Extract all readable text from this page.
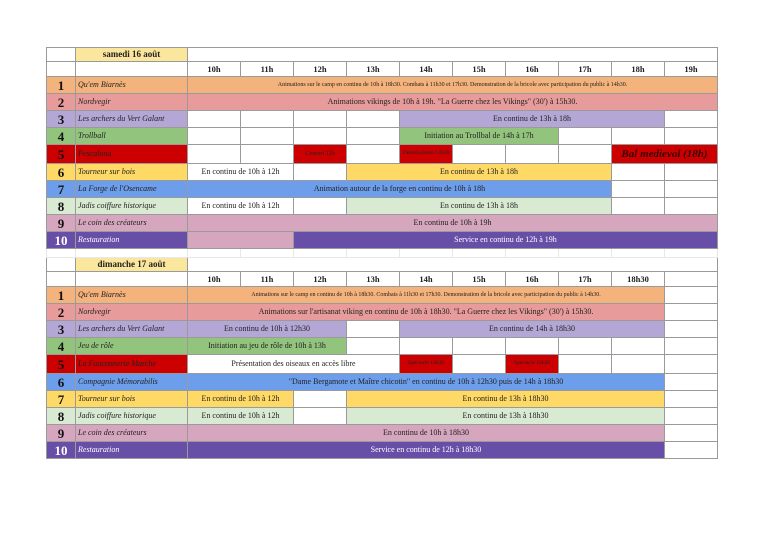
	samedi 16 août										
		10h	11h	12h	13h	14h	15h	16h	17h	18h	19h
1	Qu'em Biarnès	Animations sur le camp en continu de 10h à 18h30. Combats à 11h30 et 17h30. Demonstration de la bricole avec participation du public à 14h30.									
2	Nordvegir	Animations vikings de 10h à 19h. "La Guerre chez les Vikings" (30') à 15h30.									
3	Les archers du Vert Galant					En continu de 13h à 18h					
4	Trollball					Initiation au Trollbal de 14h à 17h					
5	Pescalona			Concert 12h		Déambulation 14h30				Bal medieval (18h)	
6	Tourneur sur bois	En continu de 10h à 12h			En continu de 13h à 18h						
7	La Forge de l'Osencame	Animation autour de la forge en continu de 10h à 18h									
8	Jadis coiffure historique	En continu de 10h à 12h			En continu de 13h à 18h						
9	Le coin des créateurs	En continu de 10h à 19h									
10	Restauration			Service en continu de 12h à 19h							

	dimanche 17 août										
		10h	11h	12h	13h	14h	15h	16h	17h	18h30	
1	Qu'em Biarnès	Animations sur le camp en continu de 10h à 18h30. Combats à 11h30 et 17h30. Demonstration de la bricole avec participation du public à 14h30.									
2	Nordvegir	Animations sur l'artisanat viking en continu de 10h à 18h30. "La Guerre chez les Vikings" (30') à 15h30.									
3	Les archers du Vert Galant	En continu de 10h à 12h30				En continu de 14h à 18h30					
4	Jeu de rôle	Initiation au jeu de rôle de 10h à 13h									
5	La Fauconnerie Marche	Présentation des oiseaux en accès libre				Spectacle 14h30		Spectacle 16h30			
6	Compagnie Mémorabilis	"Dame Bergamote et Maître chicotin" en continu de 10h à 12h30 puis de 14h à 18h30									
7	Tourneur sur bois	En continu de 10h à 12h			En continu de 13h à 18h30						
8	Jadis coiffure historique	En continu de 10h à 12h			En continu de 13h à 18h30						
9	Le coin des créateurs	En continu de 10h à 18h30									
10	Restauration	Service en continu de 12h à 18h30									
